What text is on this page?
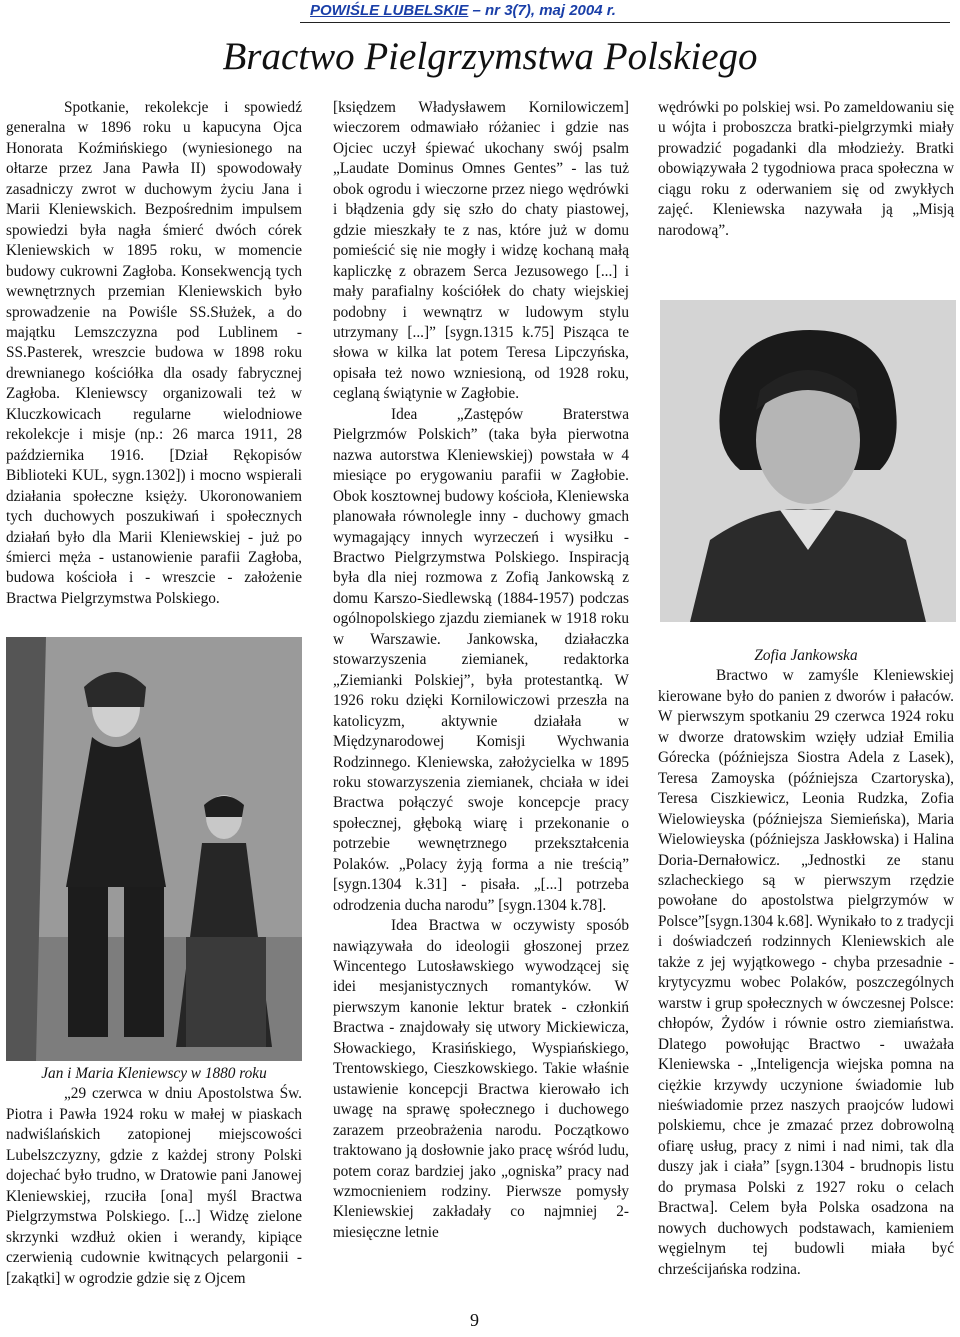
POWIŚLE LUBELSKIE – nr 3(7), maj 2004 r.
Bractwo Pielgrzymstwa Polskiego

Spotkanie, rekolekcje i spowiedź generalna w 1896 roku u kapucyna Ojca Honorata Koźmińskiego (wyniesionego na ołtarze przez Jana Pawła II) spowodowały zasadniczy zwrot w duchowym życiu Jana i Marii Kleniewskich. Bezpośrednim impulsem spowiedzi była nagła śmierć dwóch córek Kleniewskich w 1895 roku, w momencie budowy cukrowni Zagłoba. Konsekwencją tych wewnętrznych przemian Kleniewskich było sprowadzenie na Powiśle SS.Służek, a do majątku Lemszczyzna pod Lublinem - SS.Pasterek, wreszcie budowa w 1898 roku drewnianego kościółka dla osady fabrycznej Zagłoba. Kleniewscy organizowali też w Kluczkowicach regularne wielodniowe rekolekcje i misje (np.: 26 marca 1911, 28 października 1916. [Dział Rękopisów Biblioteki KUL, sygn.1302]) i mocno wspierali działania społeczne księży. Ukoronowaniem tych duchowych poszukiwań i społecznych działań było dla Marii Kleniewskiej - już po śmierci męża - ustanowienie parafii Zagłoba, budowa kościoła i - wreszcie - założenie Bractwa Pielgrzymstwa Polskiego.

Jan i Maria Kleniewscy w 1880 roku

„29 czerwca w dniu Apostolstwa Św. Piotra i Pawła 1924 roku w małej w piaskach nadwiślańskich zatopionej miejscowości Lubelszczyzny, gdzie z każdej strony Polski dojechać było trudno, w Dratowie pani Janowej Kleniewskiej, rzuciła [ona] myśl Bractwa Pielgrzymstwa Polskiego. [...] Widzę zielone skrzynki wzdłuż okien i werandy, kipiące czerwienią cudownie kwitnących pelargonii - [zakątki] w ogrodzie gdzie się z Ojcem

[księdzem Władysławem Kornilowiczem] wieczorem odmawiało różaniec i gdzie nas Ojciec uczył śpiewać ukochany swój psalm „Laudate Dominus Omnes Gentes” - las tuż obok ogrodu i wieczorne przez niego wędrówki i błądzenia gdy się szło do chaty piastowej, gdzie mieszkały te z nas, które już w domu pomieścić się nie mogły i widzę kochaną małą kapliczkę z obrazem Serca Jezusowego [...] i mały parafialny kościółek do chaty wiejskiej podobny i wewnątrz w ludowym stylu utrzymany [...]” [sygn.1315 k.75] Pisząca te słowa w kilka lat potem Teresa Lipczyńska, opisała też nowo wzniesioną, od 1928 roku, ceglaną świątynie w Zagłobie.

Idea „Zastępów Braterstwa Pielgrzmów Polskich” (taka była pierwotna nazwa autorstwa Kleniewskiej) powstała w 4 miesiące po erygowaniu parafii w Zagłobie. Obok kosztownej budowy kościoła, Kleniewska planowała równolegle inny - duchowy gmach wymagający innych wyrzeczeń i wysiłku - Bractwo Pielgrzymstwa Polskiego. Inspiracją była dla niej rozmowa z Zofią Jankowską z domu Karszo-Siedlewską (1884-1957) podczas ogólnopolskiego zjazdu ziemianek w 1918 roku w Warszawie. Jankowska, działaczka stowarzyszenia ziemianek, redaktorka „Ziemianki Polskiej”, była protestantką. W 1926 roku dzięki Kornilowiczowi przeszła na katolicyzm, aktywnie działała w Międzynarodowej Komisji Wychwania Rodzinnego. Kleniewska, założycielka w 1895 roku stowarzyszenia ziemianek, chciała w idei Bractwa połączyć swoje koncepcje pracy społecznej, głęboką wiarę i przekonanie o potrzebie wewnętrznego przekształcenia Polaków. „Polacy żyją forma a nie treścią” [sygn.1304 k.31] - pisała. „[...] potrzeba odrodzenia ducha narodu” [sygn.1304 k.78].

Idea Bractwa w oczywisty sposób nawiązywała do ideologii głoszonej przez Wincentego Lutosławskiego wywodzącej się idei mesjanistycznych romantyków. W pierwszym kanonie lektur bratek - członkiń Bractwa - znajdowały się utwory Mickiewicza, Słowackiego, Krasińskiego, Wyspiańskiego, Trentowskiego, Cieszkowskiego. Takie właśnie ustawienie koncepcji Bractwa kierowało ich uwagę na sprawę społecznego i duchowego zarazem przeobrażenia narodu. Początkowo traktowano ją dosłownie jako pracę wśród ludu, potem coraz bardziej jako „ogniska” pracy nad wzmocnieniem rodziny. Pierwsze pomysły Kleniewskiej zakładały co najmniej 2-miesięczne letnie

wędrówki po polskiej wsi. Po zameldowaniu się u wójta i proboszcza bratki-pielgrzymki miały prowadzić pogadanki dla młodzieży. Bratki obowiązywała 2 tygodniowa praca społeczna w ciągu roku z oderwaniem się od zwykłych zajęć. Kleniewska nazywała ją „Misją narodową”.

Zofia Jankowska

Bractwo w zamyśle Kleniewskiej kierowane było do panien z dworów i pałaców. W pierwszym spotkaniu 29 czerwca 1924 roku w dworze dratowskim wzięły udział Emilia Górecka (późniejsza Siostra Adela z Lasek), Teresa Zamoyska (późniejsza Czartoryska), Teresa Ciszkiewicz, Leonia Rudzka, Zofia Wielowieyska (późniejsza Siemieńska), Maria Wielowieyska (późniejsza Jaskłowska) i Halina Doria-Dernałowicz. „Jednostki ze stanu szlacheckiego są w pierwszym rzędzie powołane do apostolstwa pielgrzymów w Polsce”[sygn.1304 k.68]. Wynikało to z tradycji i doświadczeń rodzinnych Kleniewskich ale także z jej wyjątkowego - chyba przesadnie - krytycyzmu wobec Polaków, poszczególnych warstw i grup społecznych w ówczesnej Polsce: chłopów, Żydów i równie ostro ziemiaństwa. Dlatego powołując Bractwo - uważała Kleniewska - „Inteligencja wiejska pomna na ciężkie krzywdy uczynione świadomie lub nieświadomie przez naszych praojców ludowi polskiemu, chce je zmazać przez dobrowolną ofiarę usług, pracy z nimi i nad nimi, tak dla duszy jak i ciała” [sygn.1304 - brudnopis listu do prymasa Polski z 1927 roku o celach Bractwa]. Celem była Polska osadzona na nowych duchowych podstawach, kamieniem węgielnym tej budowli miała być chrześcijańska rodzina.

9
